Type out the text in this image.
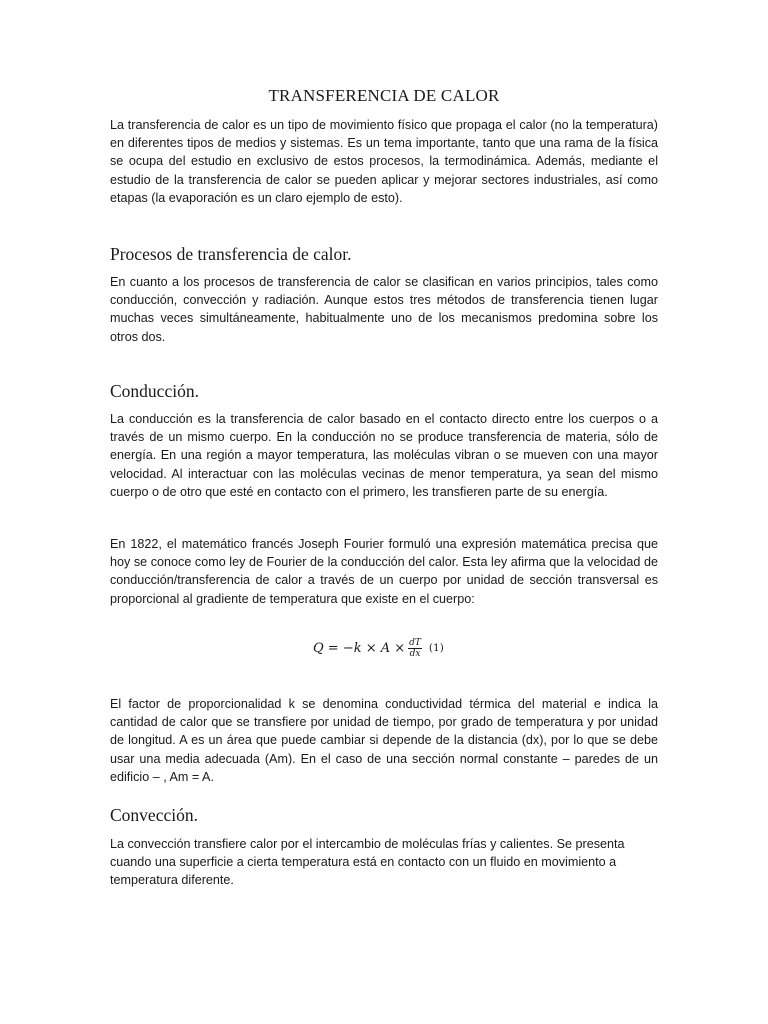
TRANSFERENCIA DE CALOR

La transferencia de calor es un tipo de movimiento físico que propaga el calor (no la temperatura) en diferentes tipos de medios y sistemas. Es un tema importante, tanto que una rama de la física se ocupa del estudio en exclusivo de estos procesos, la termodinámica. Además, mediante el estudio de la transferencia de calor se pueden aplicar y mejorar sectores industriales, así como etapas (la evaporación es un claro ejemplo de esto).

Procesos de transferencia de calor.

En cuanto a los procesos de transferencia de calor se clasifican en varios principios, tales como conducción, convección y radiación. Aunque estos tres métodos de transferencia tienen lugar muchas veces simultáneamente, habitualmente uno de los mecanismos predomina sobre los otros dos.

Conducción.

La conducción es la transferencia de calor basado en el contacto directo entre los cuerpos o a través de un mismo cuerpo. En la conducción no se produce transferencia de materia, sólo de energía. En una región a mayor temperatura, las moléculas vibran o se mueven con una mayor velocidad. Al interactuar con las moléculas vecinas de menor temperatura, ya sean del mismo cuerpo o de otro que esté en contacto con el primero, les transfieren parte de su energía.

En 1822, el matemático francés Joseph Fourier formuló una expresión matemática precisa que hoy se conoce como ley de Fourier de la conducción del calor. Esta ley afirma que la velocidad de conducción/transferencia de calor a través de un cuerpo por unidad de sección transversal es proporcional al gradiente de temperatura que existe en el cuerpo:

$Q = -k \times A \times \frac{dT}{dx} (1)$

El factor de proporcionalidad k se denomina conductividad térmica del material e indica la cantidad de calor que se transfiere por unidad de tiempo, por grado de temperatura y por unidad de longitud. A es un área que puede cambiar si depende de la distancia (dx), por lo que se debe usar una media adecuada (Am). En el caso de una sección normal constante – paredes de un edificio – , Am = A.

Convección.

La convección transfiere calor por el intercambio de moléculas frías y calientes. Se presenta cuando una superficie a cierta temperatura está en contacto con un fluido en movimiento a temperatura diferente.
